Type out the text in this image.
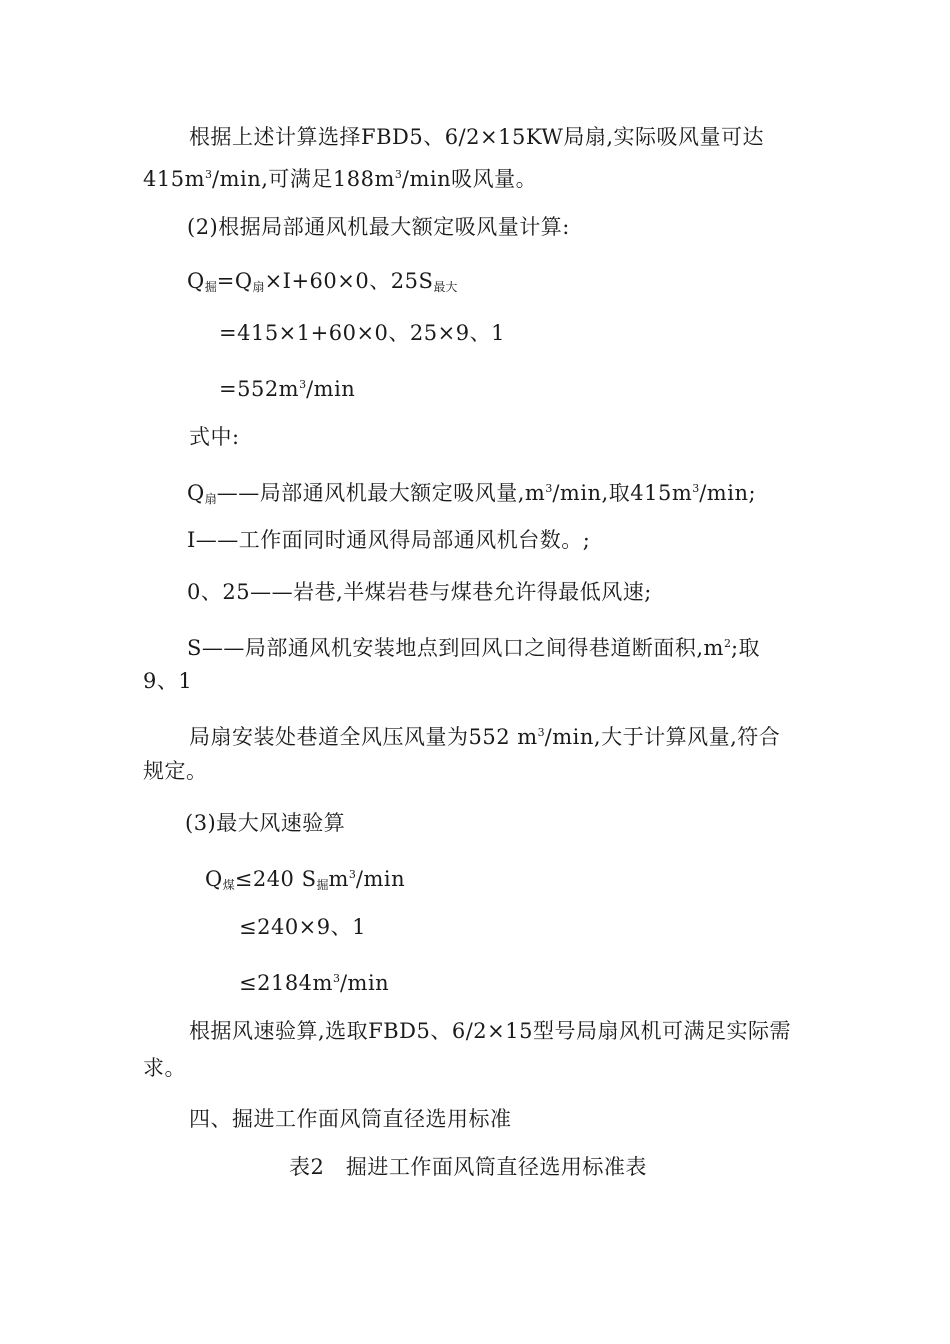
根据上述计算选择FBD5、6/2×15KW局扇,实际吸风量可达
$415m^3/\min$,可满足$188m^3/\min$吸风量。
(2)根据局部通风机最大额定吸风量计算:
$Q_掘=Q_扇\times Ⅰ+60\times 0$、$25S_{最大}$
=415×1+60×0、25×9、1
$=552m^3/\min$
式中:
$Q_扇——$局部通风机最大额定吸风量$,m^3/\min$,取$415m^3/\min$;
I——工作面同时通风得局部通风机台数。;
0、25——岩巷,半煤岩巷与煤巷允许得最低风速;
S——局部通风机安装地点到回风口之间得巷道断面积$,m^2$;取
9、1
局扇安装处巷道全风压风量为552 $m^3/\min$,大于计算风量,符合
规定。
(3)最大风速验算
$Q_煤\le 240$ $S_掘m^3/\min$
≤240×9、1
$\le 2184m^3/\min$
根据风速验算,选取FBD5、6/2×15型号局扇风机可满足实际需
求。
四、掘进工作面风筒直径选用标准
表2　掘进工作面风筒直径选用标准表
